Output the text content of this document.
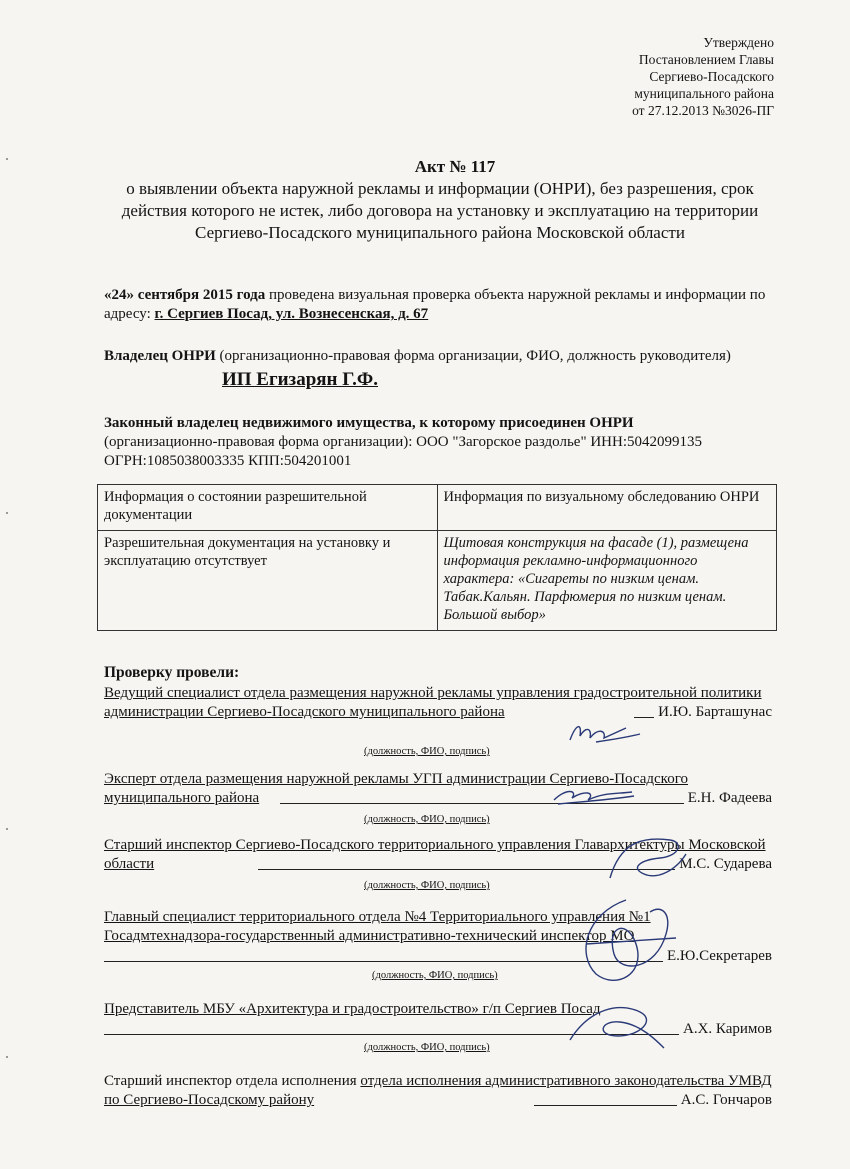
Утверждено
Постановлением Главы
Сергиево-Посадского
муниципального района
от 27.12.2013 №3026-ПГ
Акт № 117
о выявлении объекта наружной рекламы и информации (ОНРИ), без разрешения, срок действия которого не истек, либо договора на установку и эксплуатацию на территории Сергиево-Посадского муниципального района Московской области
«24» сентября 2015 года проведена визуальная проверка объекта наружной рекламы и информации по адресу: г. Сергиев Посад, ул. Вознесенская, д. 67
Владелец ОНРИ (организационно-правовая форма организации, ФИО, должность руководителя) ИП Егизарян Г.Ф.
Законный владелец недвижимого имущества, к которому присоединен ОНРИ
(организационно-правовая форма организации): ООО "Загорское раздолье" ИНН:5042099135 ОГРН:1085038003335 КПП:504201001
Информация о состоянии разрешительной документации	Информация по визуальному обследованию ОНРИ
Разрешительная документация на установку и эксплуатацию отсутствует	Щитовая конструкция на фасаде (1), размещена информация рекламно-информационного характера: «Сигареты по низким ценам. Табак.Кальян. Парфюмерия по низким ценам. Большой выбор»
Проверку провели:
Ведущий специалист отдела размещения наружной рекламы управления градостроительной политики администрации Сергиево-Посадского муниципального района	И.Ю. Барташунас
(должность, ФИО, подпись)
Эксперт отдела размещения наружной рекламы УГП администрации Сергиево-Посадского муниципального района	Е.Н. Фадеева
(должность, ФИО, подпись)
Старший инспектор Сергиево-Посадского территориального управления Главархитектуры Московской области	М.С. Сударева
(должность, ФИО, подпись)
Главный специалист территориального отдела №4 Территориального управления №1 Госадмтехнадзора-государственный административно-технический инспектор МО
Е.Ю.Секретарев
(должность, ФИО, подпись)
Представитель МБУ «Архитектура и градостроительство» г/п Сергиев Посад
А.Х. Каримов
(должность, ФИО, подпись)
Старший инспектор отдела исполнения отдела исполнения административного законодательства УМВД по Сергиево-Посадскому району	А.С. Гончаров
